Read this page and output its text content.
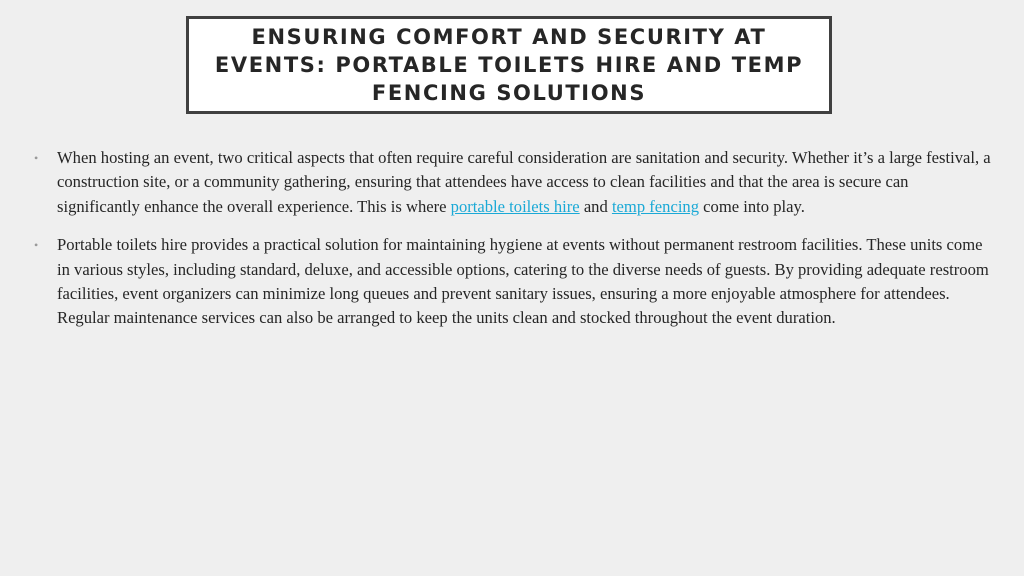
ENSURING COMFORT AND SECURITY AT EVENTS: PORTABLE TOILETS HIRE AND TEMP FENCING SOLUTIONS
• When hosting an event, two critical aspects that often require careful consideration are sanitation and security. Whether it’s a large festival, a construction site, or a community gathering, ensuring that attendees have access to clean facilities and that the area is secure can significantly enhance the overall experience. This is where portable toilets hire and temp fencing come into play.
• Portable toilets hire provides a practical solution for maintaining hygiene at events without permanent restroom facilities. These units come in various styles, including standard, deluxe, and accessible options, catering to the diverse needs of guests. By providing adequate restroom facilities, event organizers can minimize long queues and prevent sanitary issues, ensuring a more enjoyable atmosphere for attendees. Regular maintenance services can also be arranged to keep the units clean and stocked throughout the event duration.
